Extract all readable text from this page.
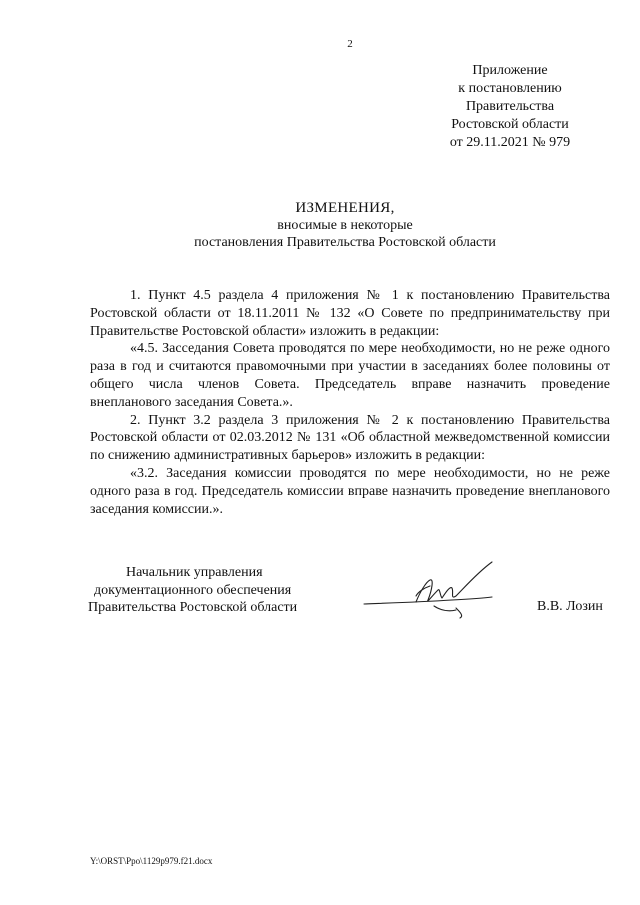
2
Приложение
к постановлению
Правительства
Ростовской области
от 29.11.2021 № 979
ИЗМЕНЕНИЯ,
вносимые в некоторые
постановления Правительства Ростовской области

1. Пункт 4.5 раздела 4 приложения № 1 к постановлению Правительства Ростовской области от 18.11.2011 № 132 «О Совете по предпринимательству при Правительстве Ростовской области» изложить в редакции:

«4.5. Засседания Совета проводятся по мере необходимости, но не реже одного раза в год и считаются правомочными при участии в заседаниях более половины от общего числа членов Совета. Председатель вправе назначить проведение внепланового заседания Совета.».

2. Пункт 3.2 раздела 3 приложения № 2 к постановлению Правительства Ростовской области от 02.03.2012 № 131 «Об областной межведомственной комиссии по снижению административных барьеров» изложить в редакции:

«3.2. Заседания комиссии проводятся по мере необходимости, но не реже одного раза в год. Председатель комиссии вправе назначить проведение внепланового заседания комиссии.».

Начальник управления
документационного обеспечения
Правительства Ростовской области	В.В. Лозин
Y:\ORST\Ppo\1129p979.f21.docx
